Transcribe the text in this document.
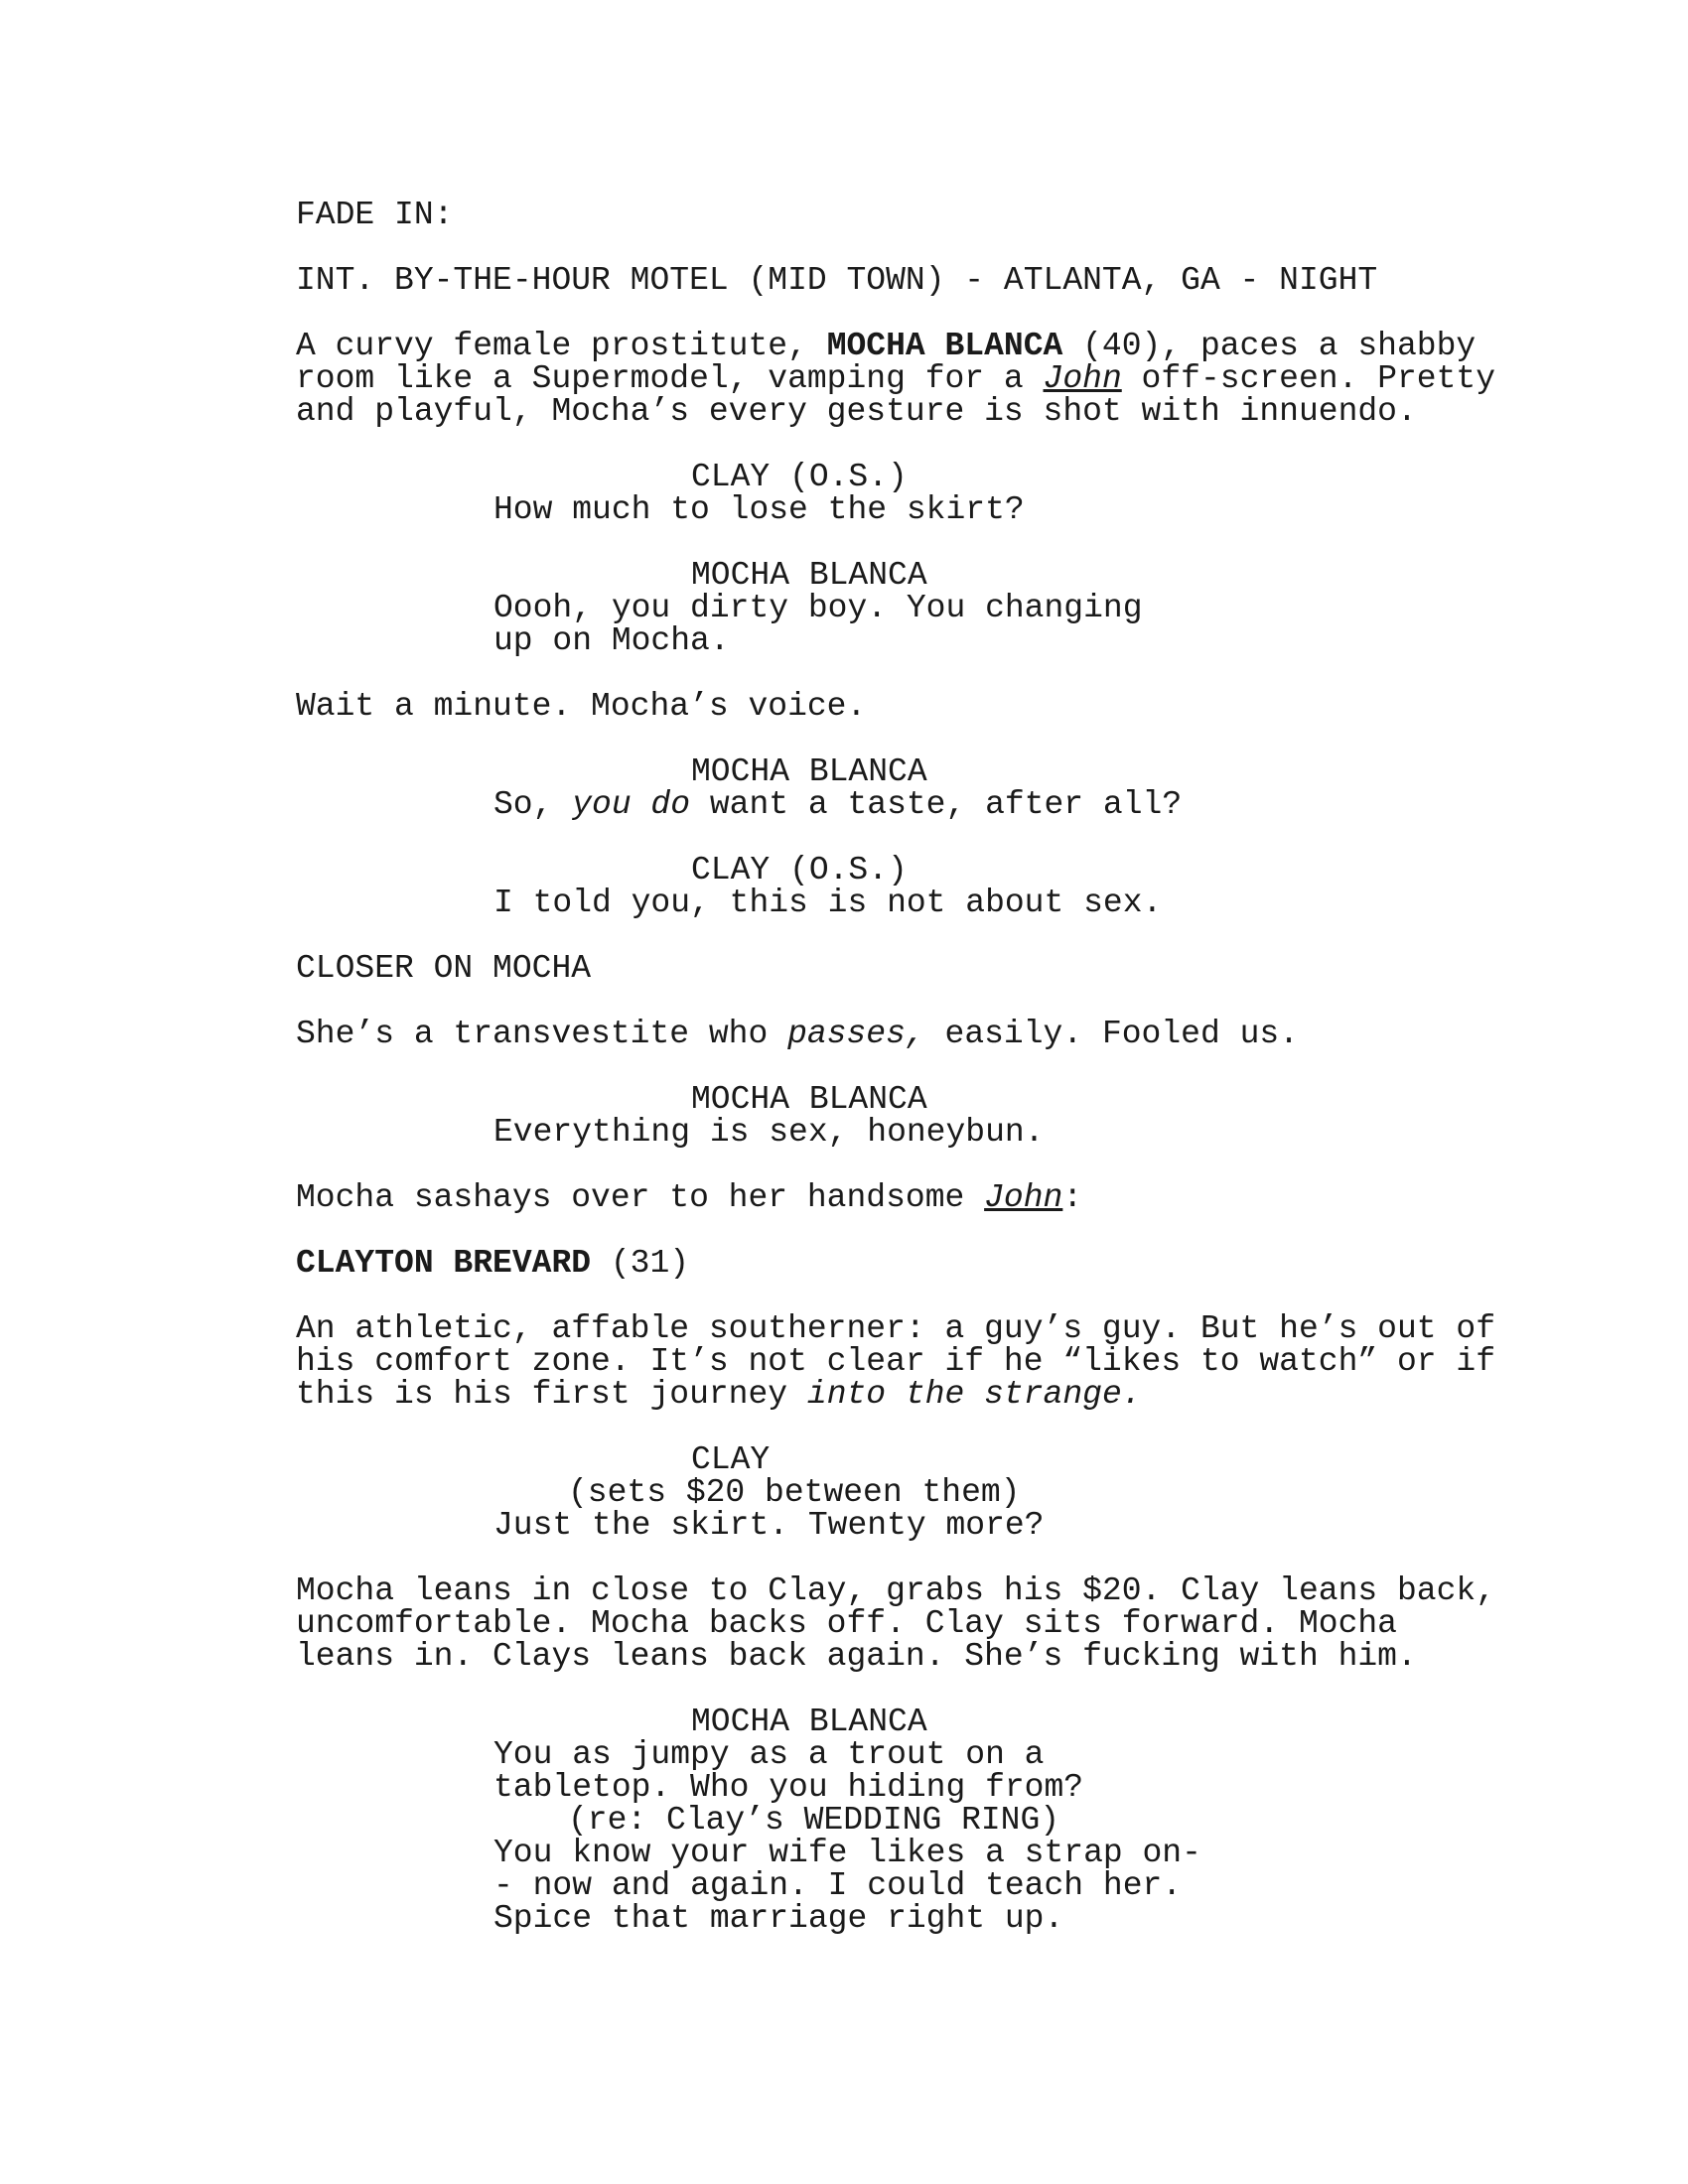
FADE IN:
INT. BY-THE-HOUR MOTEL (MID TOWN) - ATLANTA, GA - NIGHT
A curvy female prostitute, MOCHA BLANCA (40), paces a shabby
room like a Supermodel, vamping for a John off-screen. Pretty
and playful, Mocha’s every gesture is shot with innuendo.
CLAY (O.S.)
How much to lose the skirt?
MOCHA BLANCA
Oooh, you dirty boy. You changing
up on Mocha.
Wait a minute. Mocha’s voice.
MOCHA BLANCA
So, you do want a taste, after all?
CLAY (O.S.)
I told you, this is not about sex.
CLOSER ON MOCHA
She’s a transvestite who passes, easily. Fooled us.
MOCHA BLANCA
Everything is sex, honeybun.
Mocha sashays over to her handsome John:
CLAYTON BREVARD (31)
An athletic, affable southerner: a guy’s guy. But he’s out of
his comfort zone. It’s not clear if he “likes to watch” or if
this is his first journey into the strange.
CLAY
(sets $20 between them)
Just the skirt. Twenty more?
Mocha leans in close to Clay, grabs his $20. Clay leans back,
uncomfortable. Mocha backs off. Clay sits forward. Mocha
leans in. Clays leans back again. She’s fucking with him.
MOCHA BLANCA
You as jumpy as a trout on a
tabletop. Who you hiding from?
(re: Clay’s WEDDING RING)
You know your wife likes a strap on-
- now and again. I could teach her.
Spice that marriage right up.
